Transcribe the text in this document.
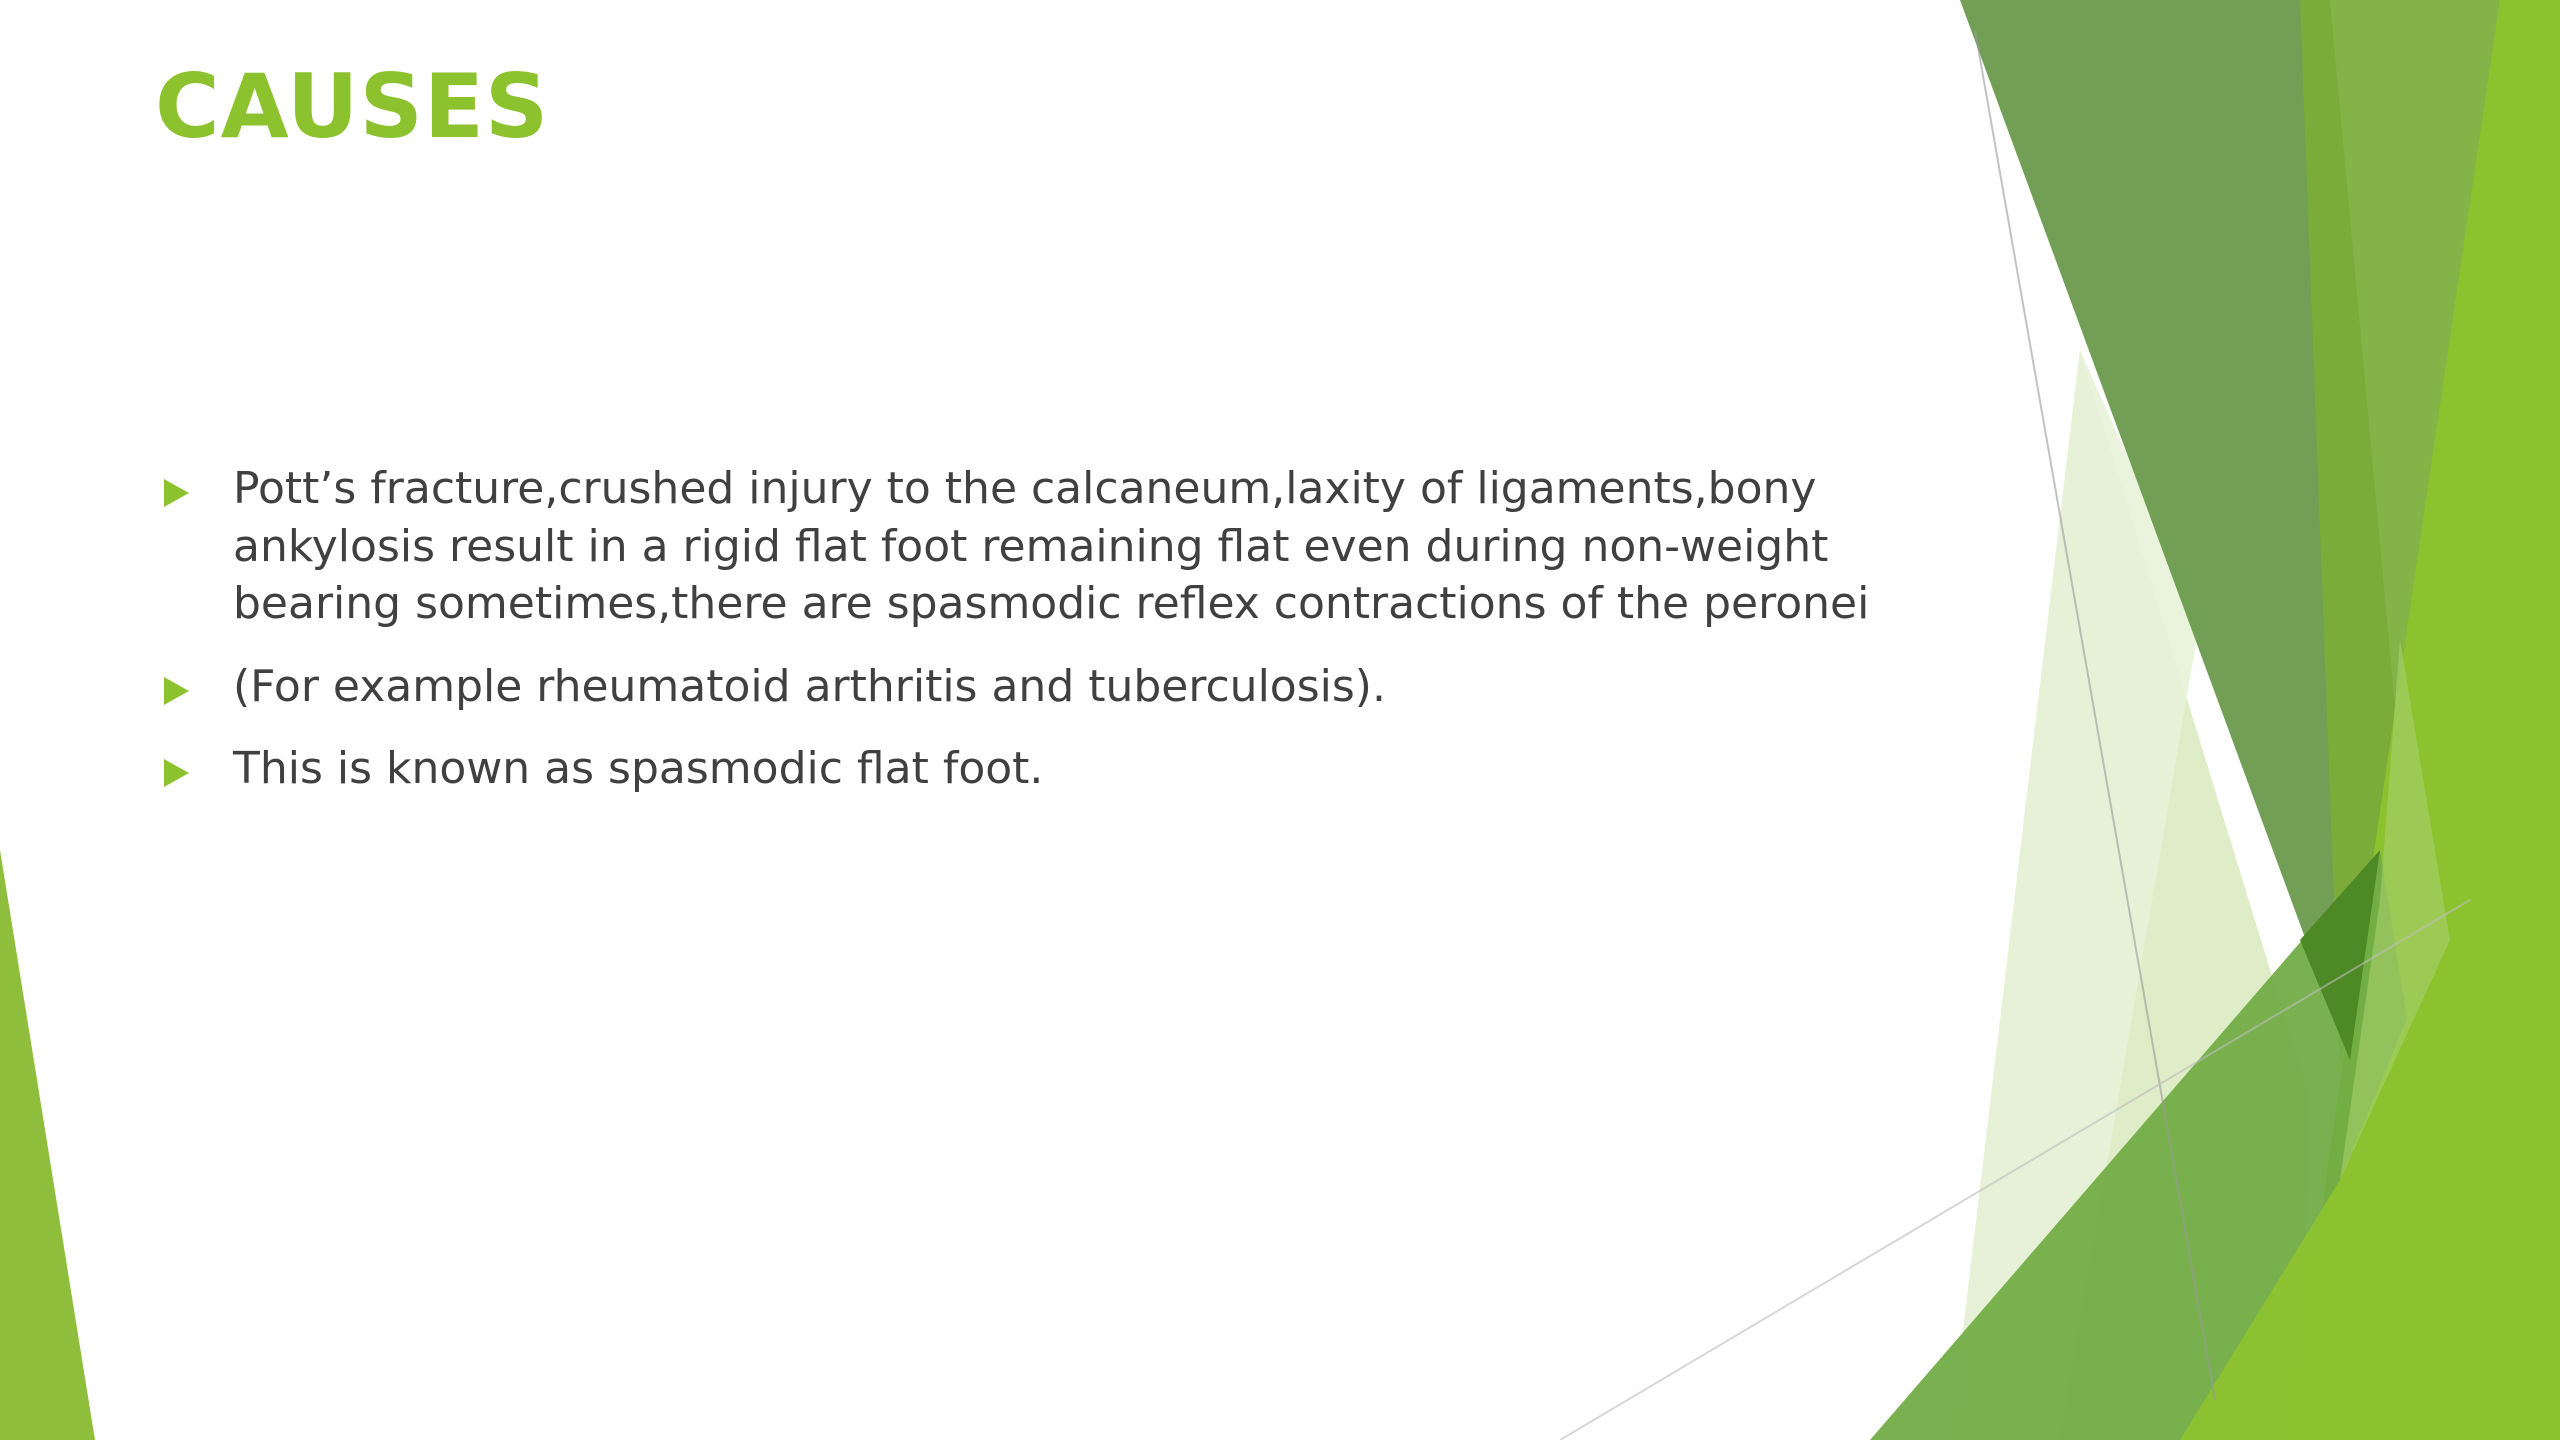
CAUSES
Pott’s fracture,crushed injury to the calcaneum,laxity of ligaments,bony ankylosis result in a rigid flat foot remaining flat even during non-weight bearing sometimes,there are spasmodic reflex contractions of the peronei
(For example rheumatoid arthritis and tuberculosis).
This is known as spasmodic flat foot.
